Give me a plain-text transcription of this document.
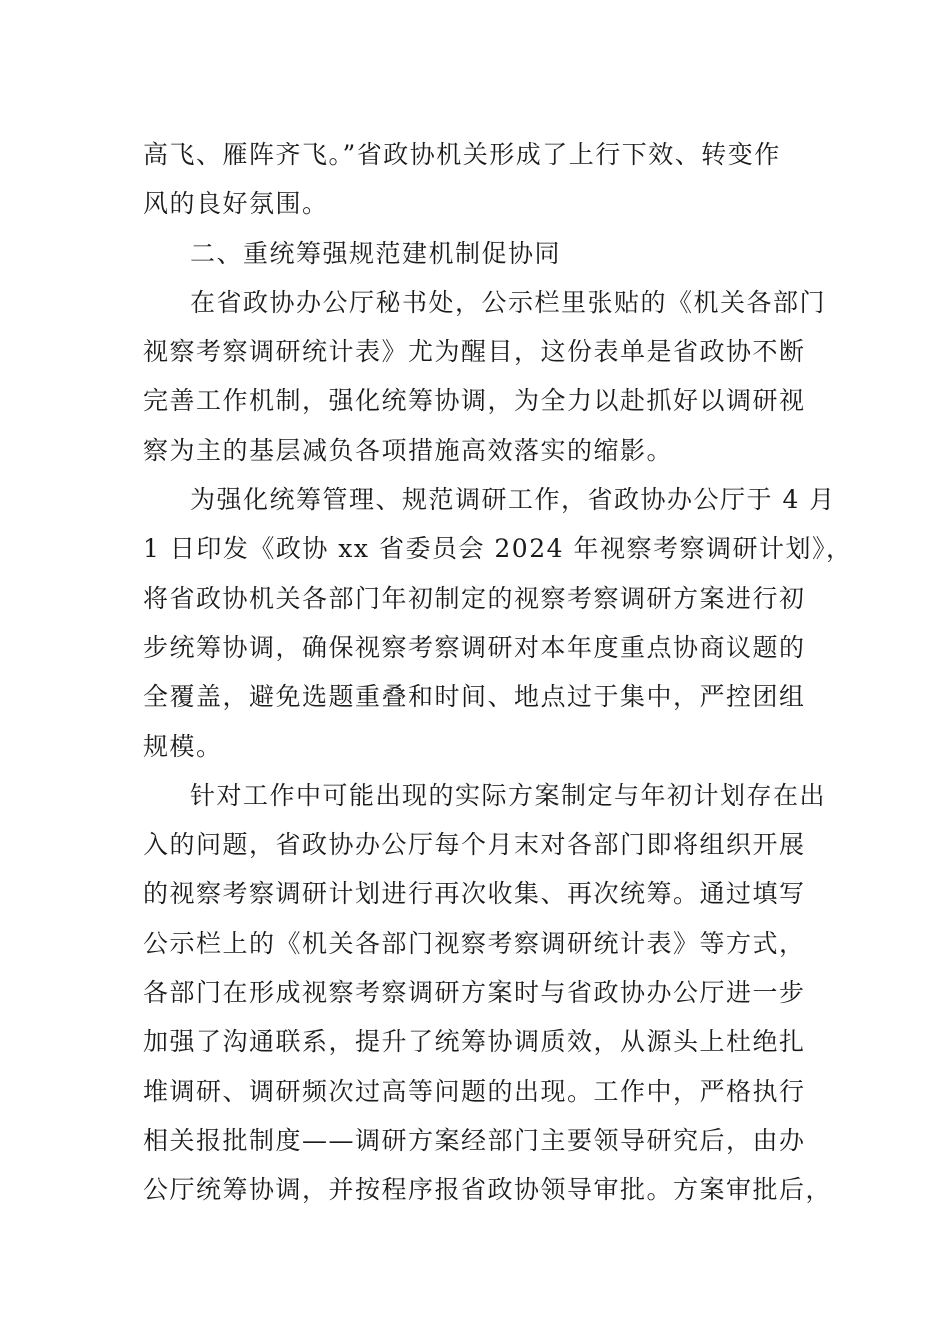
高飞、雁阵齐飞。”省政协机关形成了上行下效、转变作
风的良好氛围。
二、重统筹强规范建机制促协同
在省政协办公厅秘书处，公示栏里张贴的《机关各部门
视察考察调研统计表》尤为醒目，这份表单是省政协不断
完善工作机制，强化统筹协调，为全力以赴抓好以调研视
察为主的基层减负各项措施高效落实的缩影。
为强化统筹管理、规范调研工作，省政协办公厅于 4 月
1 日印发《政协 xx 省委员会 2024 年视察考察调研计划》，
将省政协机关各部门年初制定的视察考察调研方案进行初
步统筹协调，确保视察考察调研对本年度重点协商议题的
全覆盖，避免选题重叠和时间、地点过于集中，严控团组
规模。
针对工作中可能出现的实际方案制定与年初计划存在出
入的问题，省政协办公厅每个月末对各部门即将组织开展
的视察考察调研计划进行再次收集、再次统筹。通过填写
公示栏上的《机关各部门视察考察调研统计表》等方式，
各部门在形成视察考察调研方案时与省政协办公厅进一步
加强了沟通联系，提升了统筹协调质效，从源头上杜绝扎
堆调研、调研频次过高等问题的出现。工作中，严格执行
相关报批制度——调研方案经部门主要领导研究后，由办
公厅统筹协调，并按程序报省政协领导审批。方案审批后，
